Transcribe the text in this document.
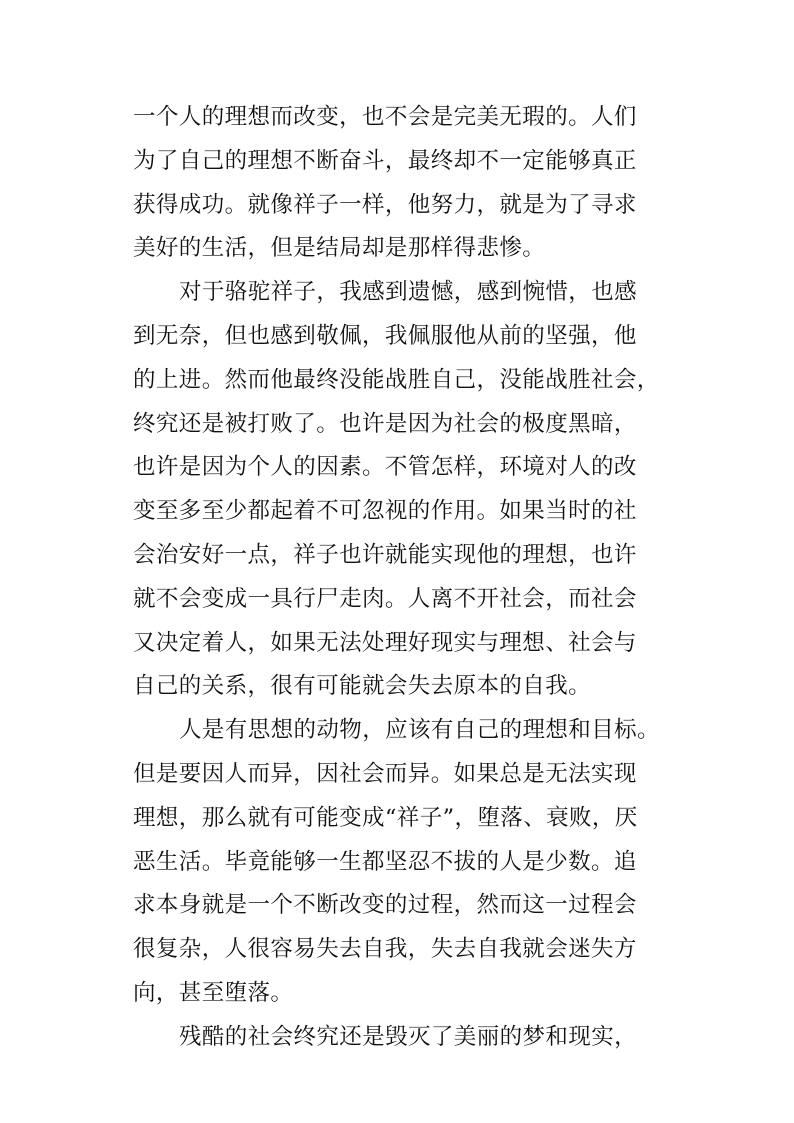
一个人的理想而改变，也不会是完美无瑕的。人们
为了自己的理想不断奋斗，最终却不一定能够真正
获得成功。就像祥子一样，他努力，就是为了寻求
美好的生活，但是结局却是那样得悲惨。
对于骆驼祥子，我感到遗憾，感到惋惜，也感
到无奈，但也感到敬佩，我佩服他从前的坚强，他
的上进。然而他最终没能战胜自己，没能战胜社会，
终究还是被打败了。也许是因为社会的极度黑暗，
也许是因为个人的因素。不管怎样，环境对人的改
变至多至少都起着不可忽视的作用。如果当时的社
会治安好一点，祥子也许就能实现他的理想，也许
就不会变成一具行尸走肉。人离不开社会，而社会
又决定着人，如果无法处理好现实与理想、社会与
自己的关系，很有可能就会失去原本的自我。
人是有思想的动物，应该有自己的理想和目标。
但是要因人而异，因社会而异。如果总是无法实现
理想，那么就有可能变成“祥子”，堕落、衰败，厌
恶生活。毕竟能够一生都坚忍不拔的人是少数。追
求本身就是一个不断改变的过程，然而这一过程会
很复杂，人很容易失去自我，失去自我就会迷失方
向，甚至堕落。
残酷的社会终究还是毁灭了美丽的梦和现实，
